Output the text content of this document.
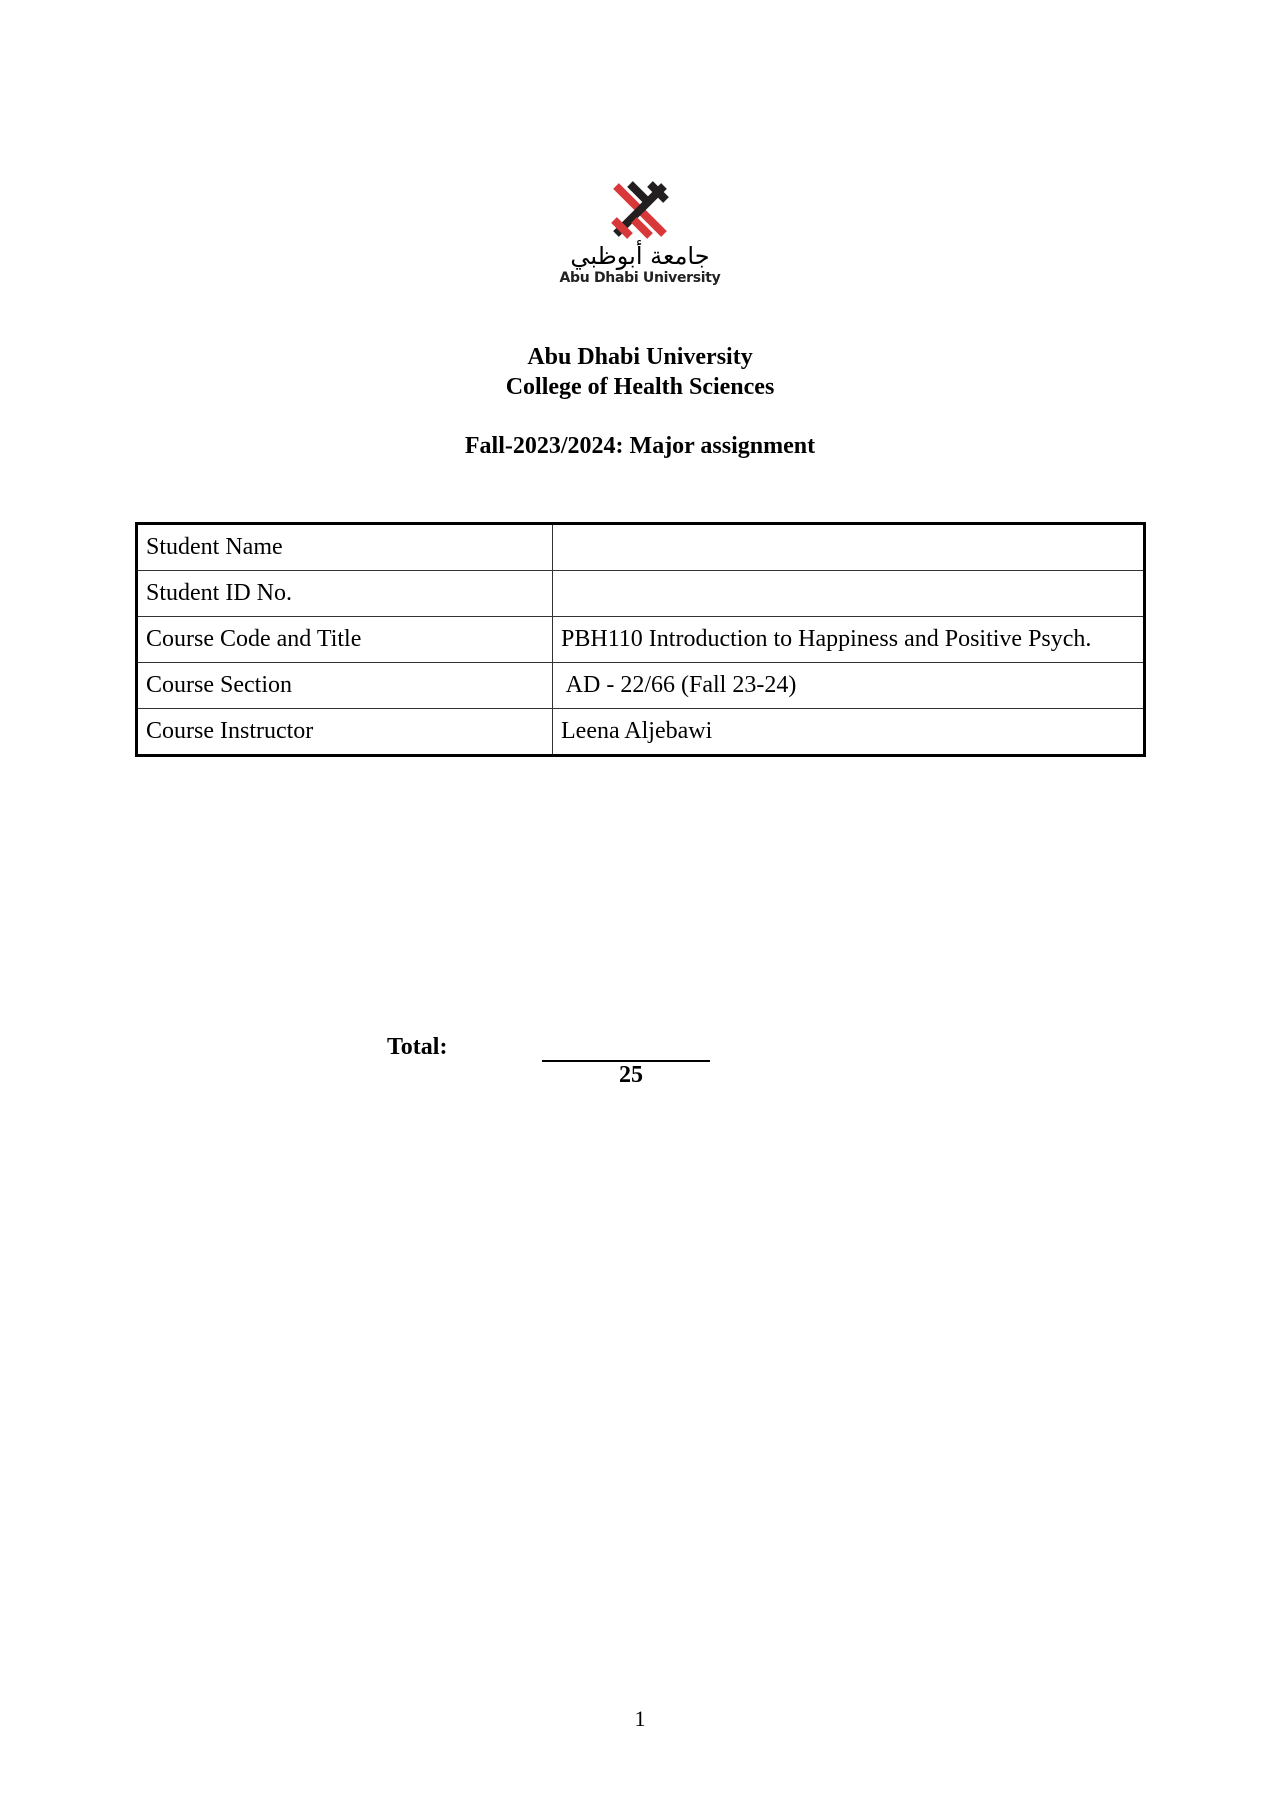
جامعة أبوظبي
Abu Dhabi University
Abu Dhabi University
College of Health Sciences
Fall-2023/2024: Major assignment
Student Name	
Student ID No.	
Course Code and Title	PBH110 Introduction to Happiness and Positive Psych.
Course Section	AD - 22/66 (Fall 23-24)
Course Instructor	Leena Aljebawi
Total:
25
1
